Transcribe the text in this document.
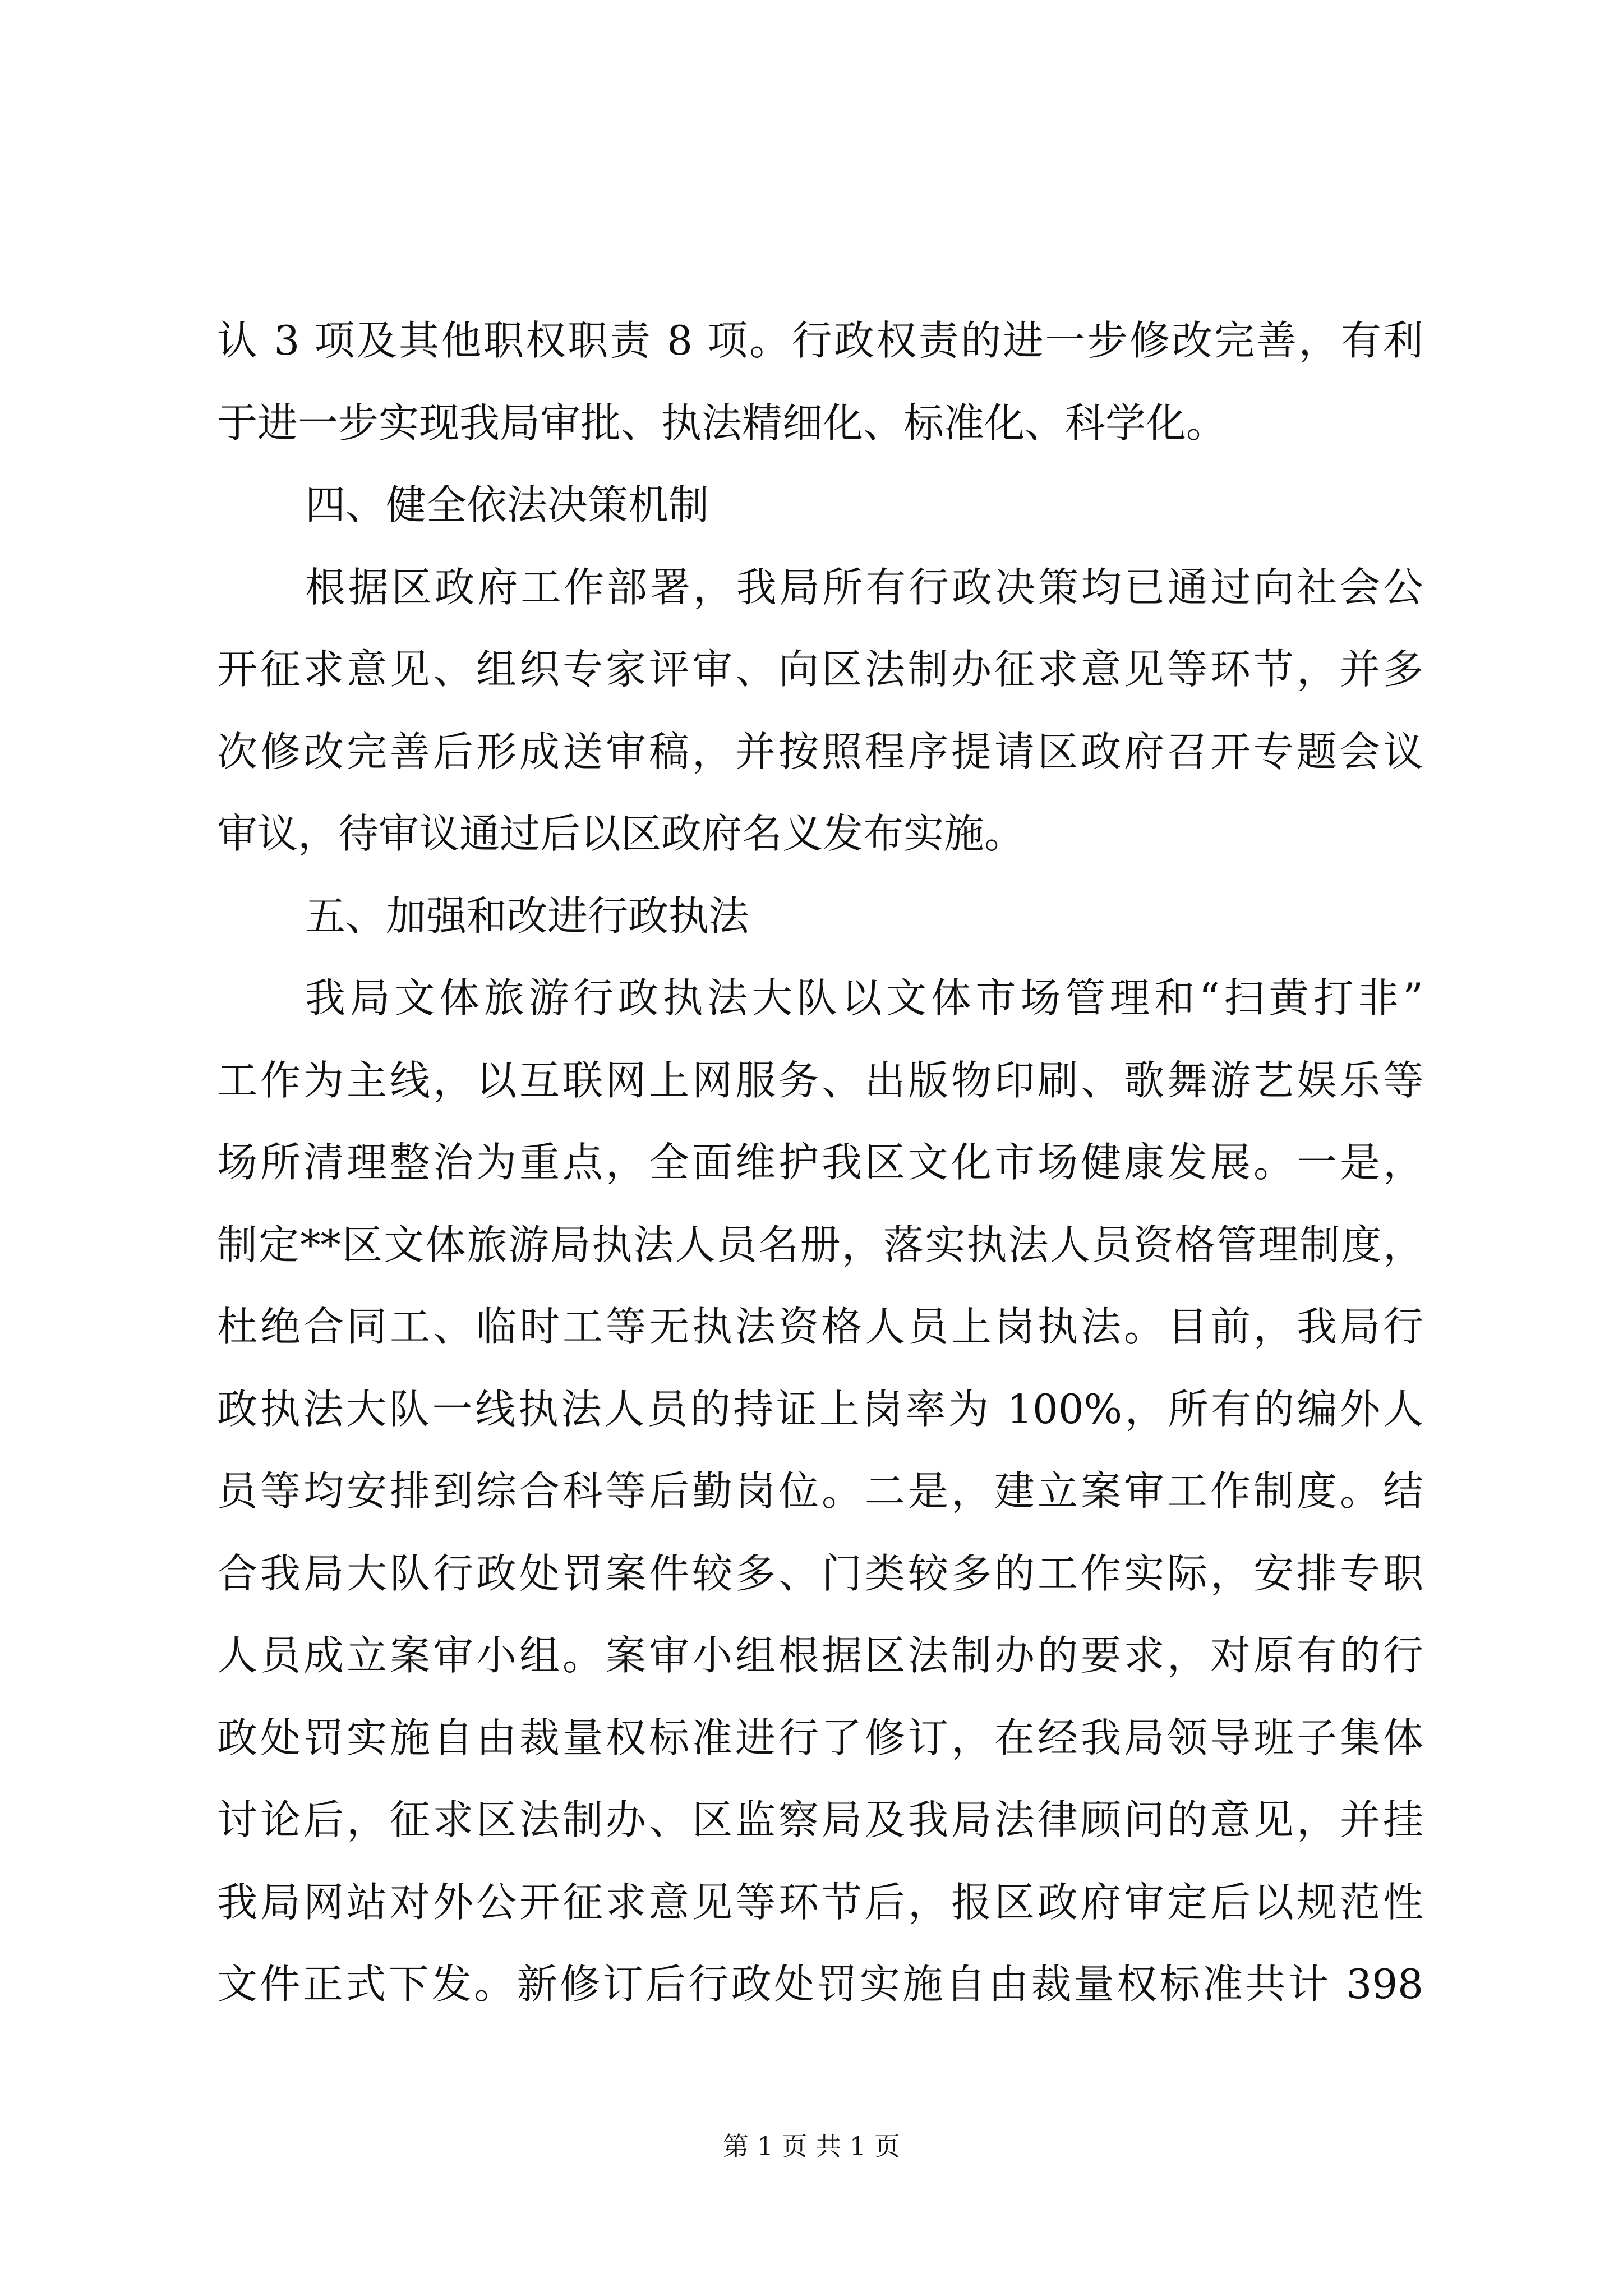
认 3 项及其他职权职责 8 项。行政权责的进一步修改完善，有利
于进一步实现我局审批、执法精细化、标准化、科学化。
四、健全依法决策机制
根据区政府工作部署，我局所有行政决策均已通过向社会公
开征求意见、组织专家评审、向区法制办征求意见等环节，并多
次修改完善后形成送审稿，并按照程序提请区政府召开专题会议
审议，待审议通过后以区政府名义发布实施。
五、加强和改进行政执法
我局文体旅游行政执法大队以文体市场管理和“扫黄打非”
工作为主线，以互联网上网服务、出版物印刷、歌舞游艺娱乐等
场所清理整治为重点，全面维护我区文化市场健康发展。一是，
制定**区文体旅游局执法人员名册，落实执法人员资格管理制度，
杜绝合同工、临时工等无执法资格人员上岗执法。目前，我局行
政执法大队一线执法人员的持证上岗率为 100%，所有的编外人
员等均安排到综合科等后勤岗位。二是，建立案审工作制度。结
合我局大队行政处罚案件较多、门类较多的工作实际，安排专职
人员成立案审小组。案审小组根据区法制办的要求，对原有的行
政处罚实施自由裁量权标准进行了修订，在经我局领导班子集体
讨论后，征求区法制办、区监察局及我局法律顾问的意见，并挂
我局网站对外公开征求意见等环节后，报区政府审定后以规范性
文件正式下发。新修订后行政处罚实施自由裁量权标准共计 398
第 1 页 共 1 页
